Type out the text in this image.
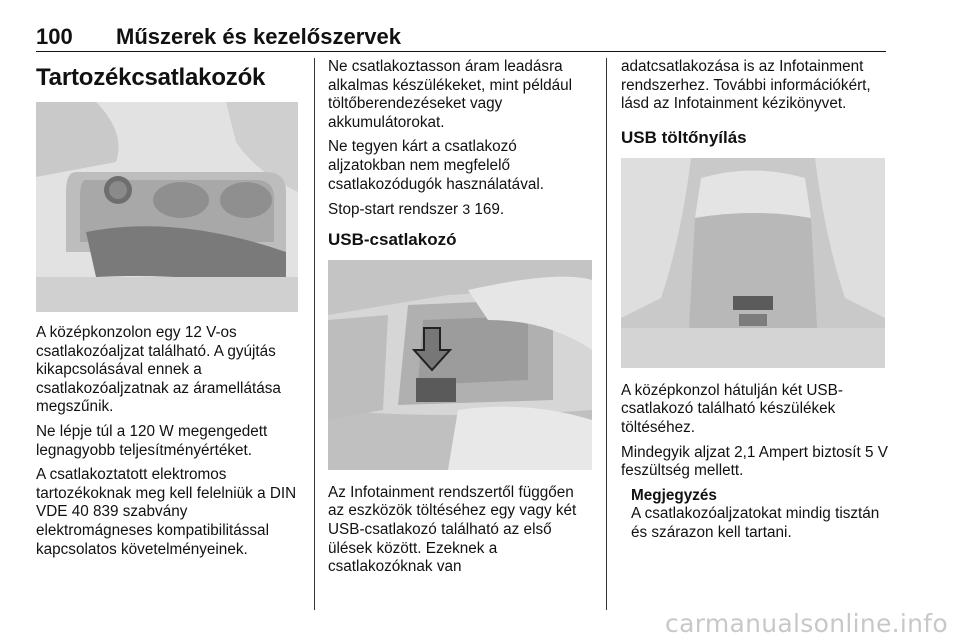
100 Műszerek és kezelőszervek
Tartozékcsatlakozók

A középkonzolon egy 12 V-os csatlakozóaljzat található. A gyújtás kikapcsolásával ennek a csatlakozóaljzatnak az áramellátása megszűnik.

Ne lépje túl a 120 W megengedett legnagyobb teljesítményértéket.

A csatlakoztatott elektromos tartozékoknak meg kell felelniük a DIN VDE 40 839 szabvány elektromágneses kompatibilitással kapcsolatos követelményeinek.

Ne csatlakoztasson áram leadásra alkalmas készülékeket, mint például töltőberendezéseket vagy akkumulátorokat.

Ne tegyen kárt a csatlakozó aljzatokban nem megfelelő csatlakozódugók használatával.

Stop-start rendszer 3 169.

USB-csatlakozó

Az Infotainment rendszertől függően az eszközök töltéséhez egy vagy két USB-csatlakozó található az első ülések között. Ezeknek a csatlakozóknak van

adatcsatlakozása is az Infotainment rendszerhez. További információkért, lásd az Infotainment kézikönyvet.

USB töltőnyílás

A középkonzol hátulján két USB-csatlakozó található készülékek töltéséhez.

Mindegyik aljzat 2,1 Ampert biztosít 5 V feszültség mellett.

Megjegyzés
A csatlakozóaljzatokat mindig tisztán és szárazon kell tartani.
carmanualsonline.info
